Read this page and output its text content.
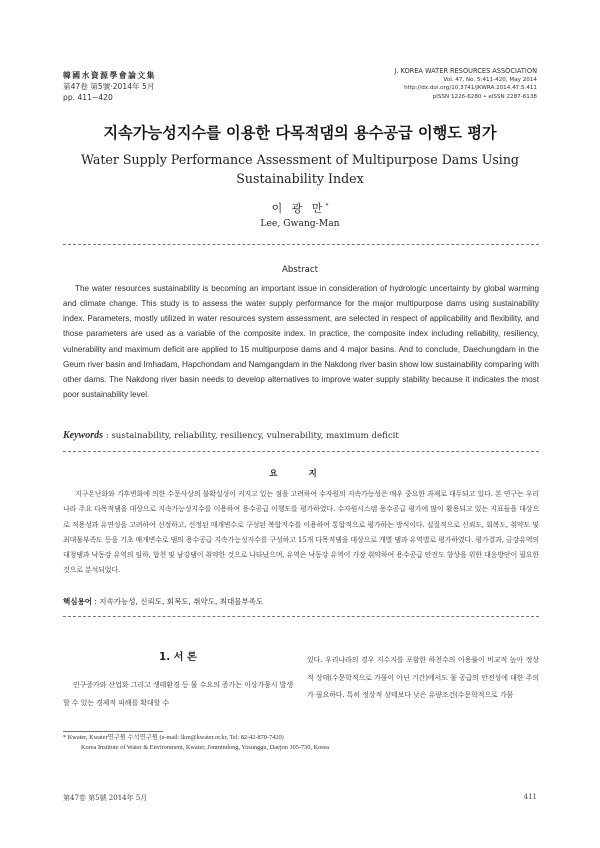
韓國水資源學會論文集
第47卷 第5號·2014年 5月
pp. 411~420
J. KOREA WATER RESOURCES ASSOCIATION
Vol. 47, No. 5:411-420, May 2014
http://dx.doi.org/10.3741/JKWRA.2014.47.5.411
pISSN 1226-6280 • eISSN 2287-6138
지속가능성지수를 이용한 다목적댐의 용수공급 이행도 평가
Water Supply Performance Assessment of Multipurpose Dams Using Sustainability Index
이 광 만*
Lee, Gwang-Man
Abstract
The water resources sustainability is becoming an important issue in consideration of hydrologic uncertainty by global warming and climate change. This study is to assess the water supply performance for the major multipurpose dams using sustainability index. Parameters, mostly utilized in water resources system assessment, are selected in respect of applicability and flexibility, and those parameters are used as a variable of the composite index. In practice, the composite index including reliability, resiliency, vulnerability and maximum deficit are applied to 15 multipurpose dams and 4 major basins. And to conclude, Daechungdam in the Geum river basin and Imhadam, Hapchondam and Namgangdam in the Nakdong river basin show low sustainability comparing with other dams. The Nakdong river basin needs to develop alternatives to improve water supply stability because it indicates the most poor sustainability level.
Keywords : sustainability, reliability, resiliency, vulnerability, maximum deficit
요 지
지구온난화와 기후변화에 의한 수문사상의 불확실성이 커지고 있는 점을 고려하여 수자원의 지속가능성은 매우 중요한 과제로 대두되고 있다. 본 연구는 우리나라 주요 다목적댐을 대상으로 지속가능성지수를 이용하여 용수공급 이행도를 평가하였다. 수자원시스템 용수공급 평가에 많이 활용되고 있는 지표들을 대상으로 적용성과 유연성을 고려하여 선정하고, 선정된 매개변수로 구성된 복합지수를 이용하여 통합적으로 평가하는 방식이다. 실질적으로 신뢰도, 회복도, 취약도 및 최대물부족도 등을 기초 매개변수로 댐의 용수공급 지속가능성지수를 구성하고 15개 다목적댐을 대상으로 개별 댐과 유역별로 평가하였다. 평가결과, 금강유역의 대청댐과 낙동강 유역의 임하, 합천 및 남강댐이 취약한 것으로 나타났으며, 유역은 낙동강 유역이 가장 취약하여 용수공급 안전도 향상을 위한 대응방안이 필요한 것으로 분석되었다.
핵심용어 : 지속가능성, 신뢰도, 회복도, 취약도, 최대물부족도
1. 서 론
인구증가와 산업화 그리고 생태환경 등 물 수요의 증가는 이상가뭄시 발생할 수 있는 경제적 피해를 확대할 수
있다. 우리나라의 경우 지수지를 포함한 하천수의 이용률이 비교적 높아 정상적 상태(수문학적으로 가뭄이 아닌 기간)에서도 물 공급의 안전성에 대한 주의가 필요하다. 특히 정상적 상태보다 낮은 유량조건(수문학적으로 가뭄
* Kwater, Kwater연구원 수석연구원 (e-mail: lkm@kwater.or.kr, Tel: 82-42-870-7420)
Korea Institute of Water & Environment, Kwater, Jonmindong, Yosunggu, Daejon 305-730, Korea
第47卷 第5號 2014年 5月	411
